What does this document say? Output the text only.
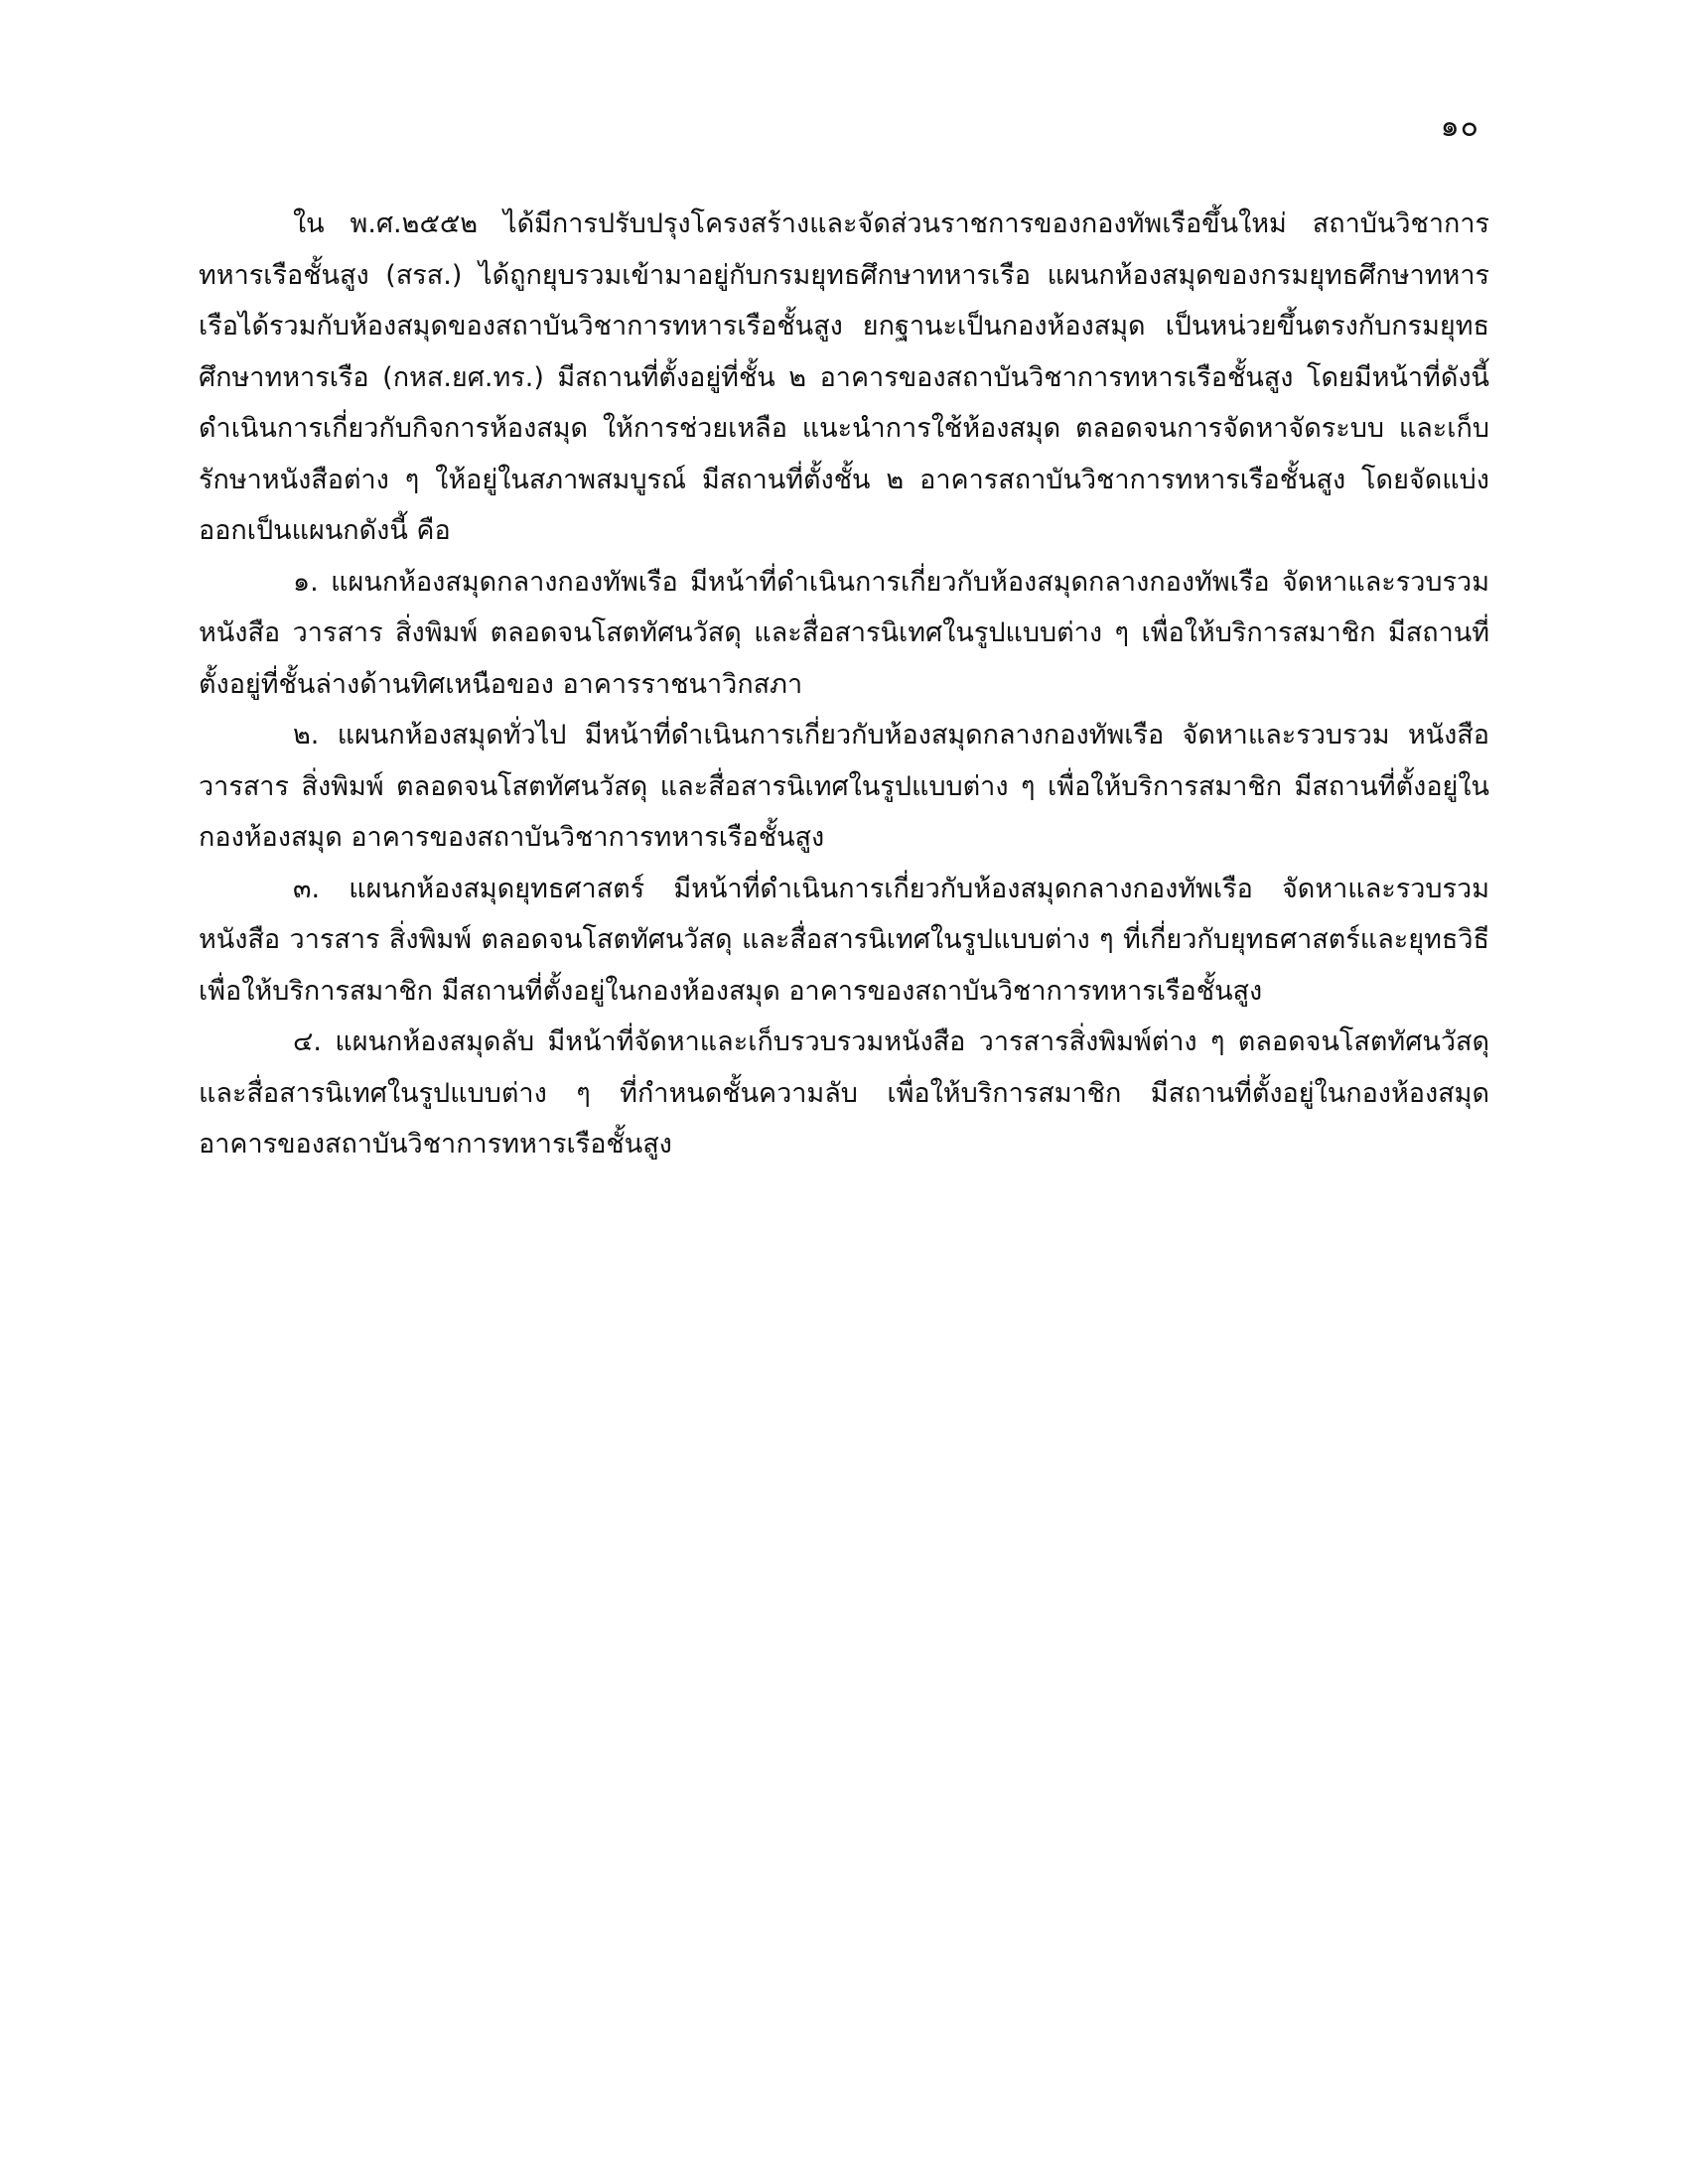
๑๐

ใน พ.ศ.๒๕๕๒ ได้มีการปรับปรุงโครงสร้างและจัดส่วนราชการของกองทัพเรือขึ้นใหม่ สถาบันวิชาการทหารเรือชั้นสูง (สรส.) ได้ถูกยุบรวมเข้ามาอยู่กับกรมยุทธศึกษาทหารเรือ แผนกห้องสมุดของกรมยุทธศึกษาทหารเรือได้รวมกับห้องสมุดของสถาบันวิชาการทหารเรือชั้นสูง ยกฐานะเป็นกองห้องสมุด เป็นหน่วยขึ้นตรงกับกรมยุทธศึกษาทหารเรือ (กหส.ยศ.ทร.) มีสถานที่ตั้งอยู่ที่ชั้น ๒ อาคารของสถาบันวิชาการทหารเรือชั้นสูง โดยมีหน้าที่ดังนี้ดำเนินการเกี่ยวกับกิจการห้องสมุด ให้การช่วยเหลือ แนะนำการใช้ห้องสมุด ตลอดจนการจัดหาจัดระบบ และเก็บรักษาหนังสือต่าง ๆ ให้อยู่ในสภาพสมบูรณ์ มีสถานที่ตั้งชั้น ๒ อาคารสถาบันวิชาการทหารเรือชั้นสูง โดยจัดแบ่งออกเป็นแผนกดังนี้ คือ

๑. แผนกห้องสมุดกลางกองทัพเรือ มีหน้าที่ดำเนินการเกี่ยวกับห้องสมุดกลางกองทัพเรือ จัดหาและรวบรวม หนังสือ วารสาร สิ่งพิมพ์ ตลอดจนโสตทัศนวัสดุ และสื่อสารนิเทศในรูปแบบต่าง ๆ เพื่อให้บริการสมาชิก มีสถานที่ตั้งอยู่ที่ชั้นล่างด้านทิศเหนือของ อาคารราชนาวิกสภา

๒. แผนกห้องสมุดทั่วไป มีหน้าที่ดำเนินการเกี่ยวกับห้องสมุดกลางกองทัพเรือ จัดหาและรวบรวม หนังสือ วารสาร สิ่งพิมพ์ ตลอดจนโสตทัศนวัสดุ และสื่อสารนิเทศในรูปแบบต่าง ๆ เพื่อให้บริการสมาชิก มีสถานที่ตั้งอยู่ในกองห้องสมุด อาคารของสถาบันวิชาการทหารเรือชั้นสูง

๓. แผนกห้องสมุดยุทธศาสตร์ มีหน้าที่ดำเนินการเกี่ยวกับห้องสมุดกลางกองทัพเรือ จัดหาและรวบรวมหนังสือ วารสาร สิ่งพิมพ์ ตลอดจนโสตทัศนวัสดุ และสื่อสารนิเทศในรูปแบบต่าง ๆ ที่เกี่ยวกับยุทธศาสตร์และยุทธวิธีเพื่อให้บริการสมาชิก มีสถานที่ตั้งอยู่ในกองห้องสมุด อาคารของสถาบันวิชาการทหารเรือชั้นสูง

๔. แผนกห้องสมุดลับ มีหน้าที่จัดหาและเก็บรวบรวมหนังสือ วารสารสิ่งพิมพ์ต่าง ๆ ตลอดจนโสตทัศนวัสดุ และสื่อสารนิเทศในรูปแบบต่าง ๆ ที่กำหนดชั้นความลับ เพื่อให้บริการสมาชิก มีสถานที่ตั้งอยู่ในกองห้องสมุด อาคารของสถาบันวิชาการทหารเรือชั้นสูง
